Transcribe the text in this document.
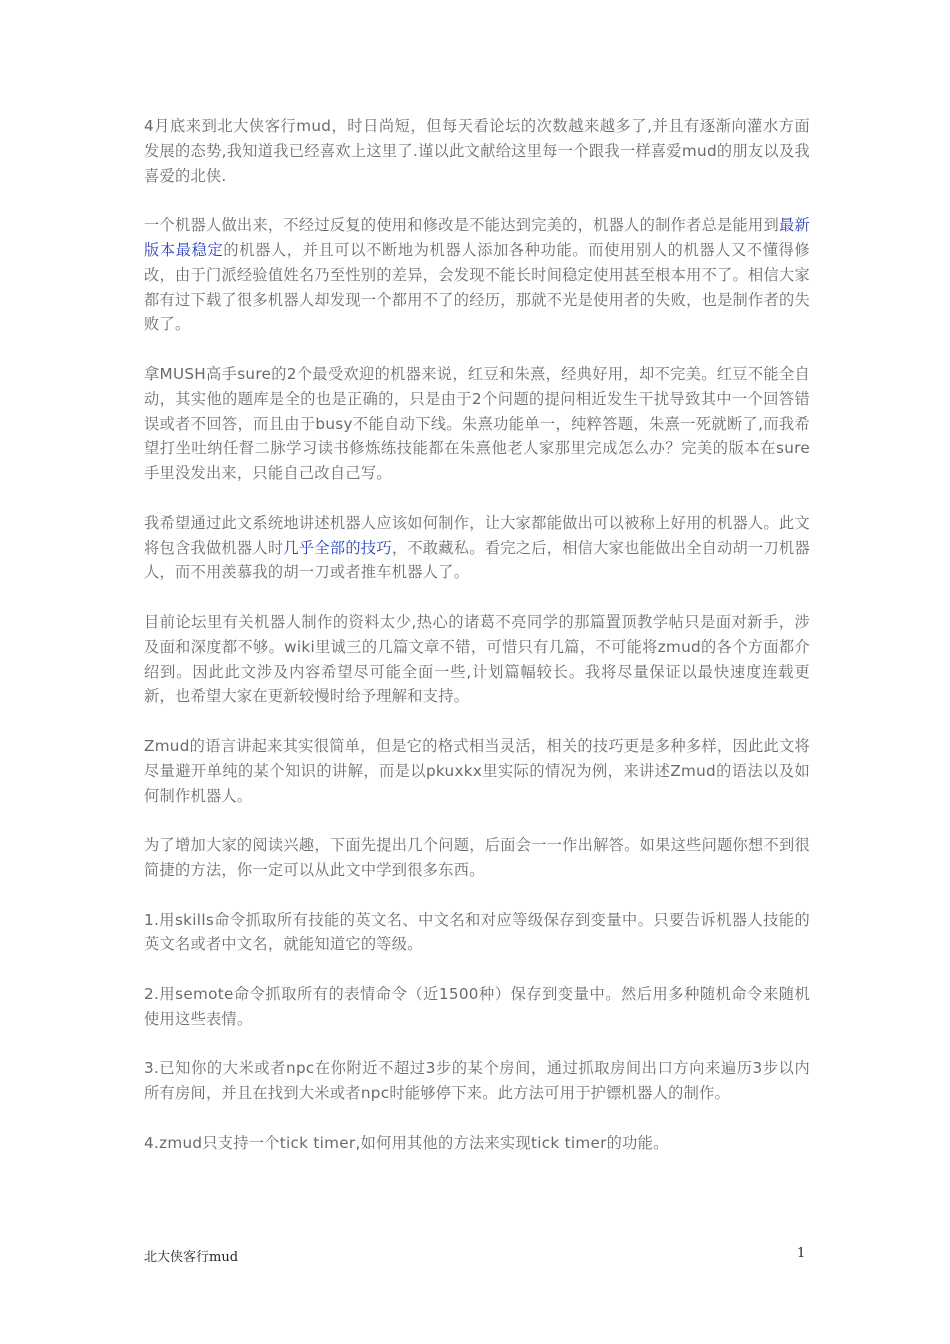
4月底来到北大侠客行mud，时日尚短，但每天看论坛的次数越来越多了,并且有逐渐向灌水方面发展的态势,我知道我已经喜欢上这里了.谨以此文献给这里每一个跟我一样喜爱mud的朋友以及我喜爱的北侠.

一个机器人做出来，不经过反复的使用和修改是不能达到完美的，机器人的制作者总是能用到最新版本最稳定的机器人，并且可以不断地为机器人添加各种功能。而使用别人的机器人又不懂得修改，由于门派经验值姓名乃至性别的差异，会发现不能长时间稳定使用甚至根本用不了。相信大家都有过下载了很多机器人却发现一个都用不了的经历，那就不光是使用者的失败，也是制作者的失败了。

拿MUSH高手sure的2个最受欢迎的机器来说，红豆和朱熹，经典好用，却不完美。红豆不能全自动，其实他的题库是全的也是正确的，只是由于2个问题的提问相近发生干扰导致其中一个回答错误或者不回答，而且由于busy不能自动下线。朱熹功能单一，纯粹答题，朱熹一死就断了,而我希望打坐吐纳任督二脉学习读书修炼练技能都在朱熹他老人家那里完成怎么办？完美的版本在sure手里没发出来，只能自己改自己写。

我希望通过此文系统地讲述机器人应该如何制作，让大家都能做出可以被称上好用的机器人。此文将包含我做机器人时几乎全部的技巧，不敢藏私。看完之后，相信大家也能做出全自动胡一刀机器人，而不用羡慕我的胡一刀或者推车机器人了。

目前论坛里有关机器人制作的资料太少,热心的诸葛不亮同学的那篇置顶教学帖只是面对新手，涉及面和深度都不够。wiki里诚三的几篇文章不错，可惜只有几篇，不可能将zmud的各个方面都介绍到。因此此文涉及内容希望尽可能全面一些,计划篇幅较长。我将尽量保证以最快速度连载更新，也希望大家在更新较慢时给予理解和支持。

Zmud的语言讲起来其实很简单，但是它的格式相当灵活，相关的技巧更是多种多样，因此此文将尽量避开单纯的某个知识的讲解，而是以pkuxkx里实际的情况为例，来讲述Zmud的语法以及如何制作机器人。

为了增加大家的阅读兴趣，下面先提出几个问题，后面会一一作出解答。如果这些问题你想不到很简捷的方法，你一定可以从此文中学到很多东西。

1.用skills命令抓取所有技能的英文名、中文名和对应等级保存到变量中。只要告诉机器人技能的英文名或者中文名，就能知道它的等级。

2.用semote命令抓取所有的表情命令（近1500种）保存到变量中。然后用多种随机命令来随机使用这些表情。

3.已知你的大米或者npc在你附近不超过3步的某个房间，通过抓取房间出口方向来遍历3步以内所有房间，并且在找到大米或者npc时能够停下来。此方法可用于护镖机器人的制作。

4.zmud只支持一个tick timer,如何用其他的方法来实现tick timer的功能。

北大侠客行mud	1
